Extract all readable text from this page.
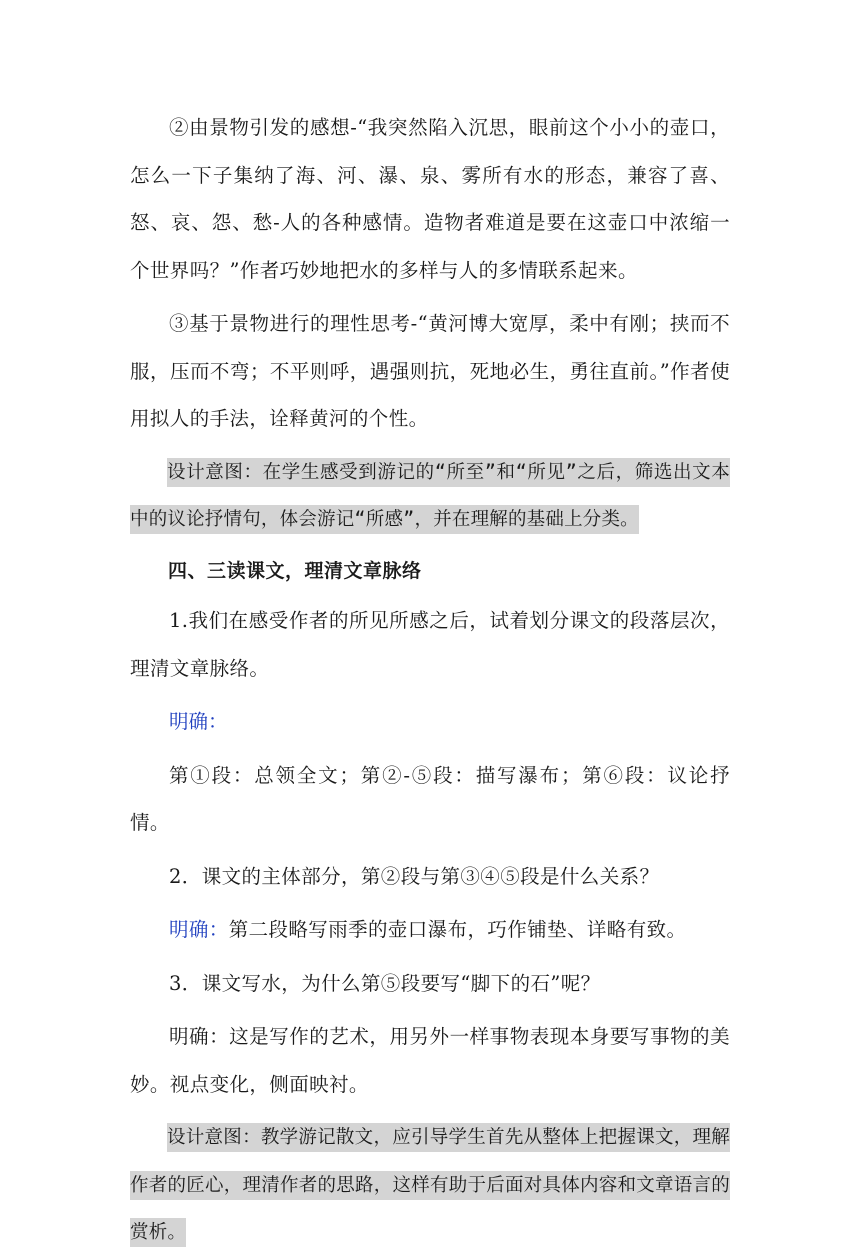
②由景物引发的感想-“我突然陷入沉思，眼前这个小小的壶口，怎么一下子集纳了海、河、瀑、泉、雾所有水的形态，兼容了喜、怒、哀、怨、愁-人的各种感情。造物者难道是要在这壶口中浓缩一个世界吗？”作者巧妙地把水的多样与人的多情联系起来。

③基于景物进行的理性思考-“黄河博大宽厚，柔中有刚；挟而不服，压而不弯；不平则呼，遇强则抗，死地必生，勇往直前。”作者使用拟人的手法，诠释黄河的个性。

设计意图：在学生感受到游记的“所至”和“所见”之后，筛选出文本中的议论抒情句，体会游记“所感”，并在理解的基础上分类。

四、三读课文，理清文章脉络

1.我们在感受作者的所见所感之后，试着划分课文的段落层次，理清文章脉络。

明确：

第①段：总领全文；第②-⑤段：描写瀑布；第⑥段：议论抒情。

2．课文的主体部分，第②段与第③④⑤段是什么关系？

明确：第二段略写雨季的壶口瀑布，巧作铺垫、详略有致。

3．课文写水，为什么第⑤段要写“脚下的石”呢？

明确：这是写作的艺术，用另外一样事物表现本身要写事物的美妙。视点变化，侧面映衬。

设计意图：教学游记散文，应引导学生首先从整体上把握课文，理解作者的匠心，理清作者的思路，这样有助于后面对具体内容和文章语言的赏析。
